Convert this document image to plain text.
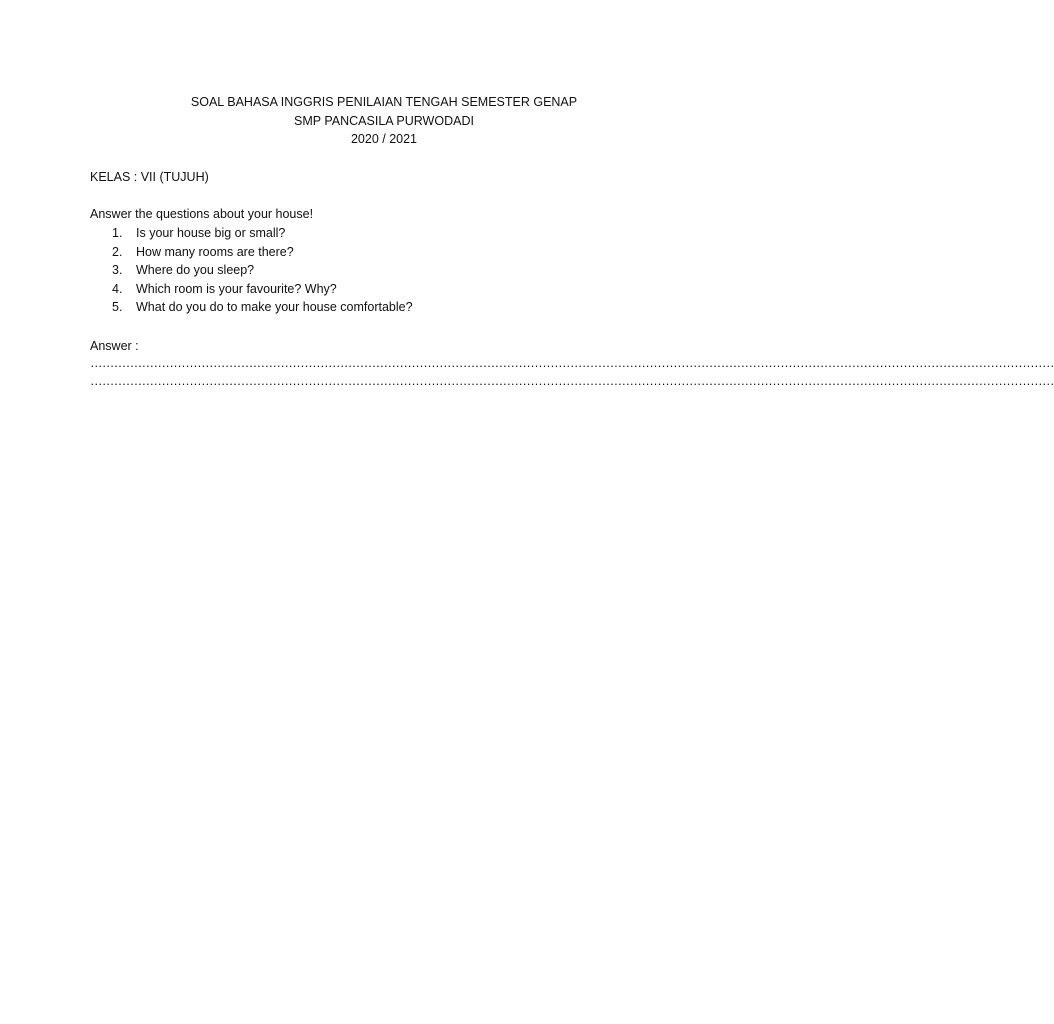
SOAL BAHASA INGGRIS PENILAIAN TENGAH SEMESTER GENAP
SMP PANCASILA PURWODADI
2020 / 2021
KELAS : VII (TUJUH)
Answer the questions about your house!
1. Is your house big or small?
2. How many rooms are there?
3. Where do you sleep?
4. Which room is your favourite? Why?
5. What do you do to make your house comfortable?
Answer :
………………………………………………………………………………………………………………………………………………………………………………………………………………………
………………………………………………………………………………………………………………………………………………………………………………………………………………………
